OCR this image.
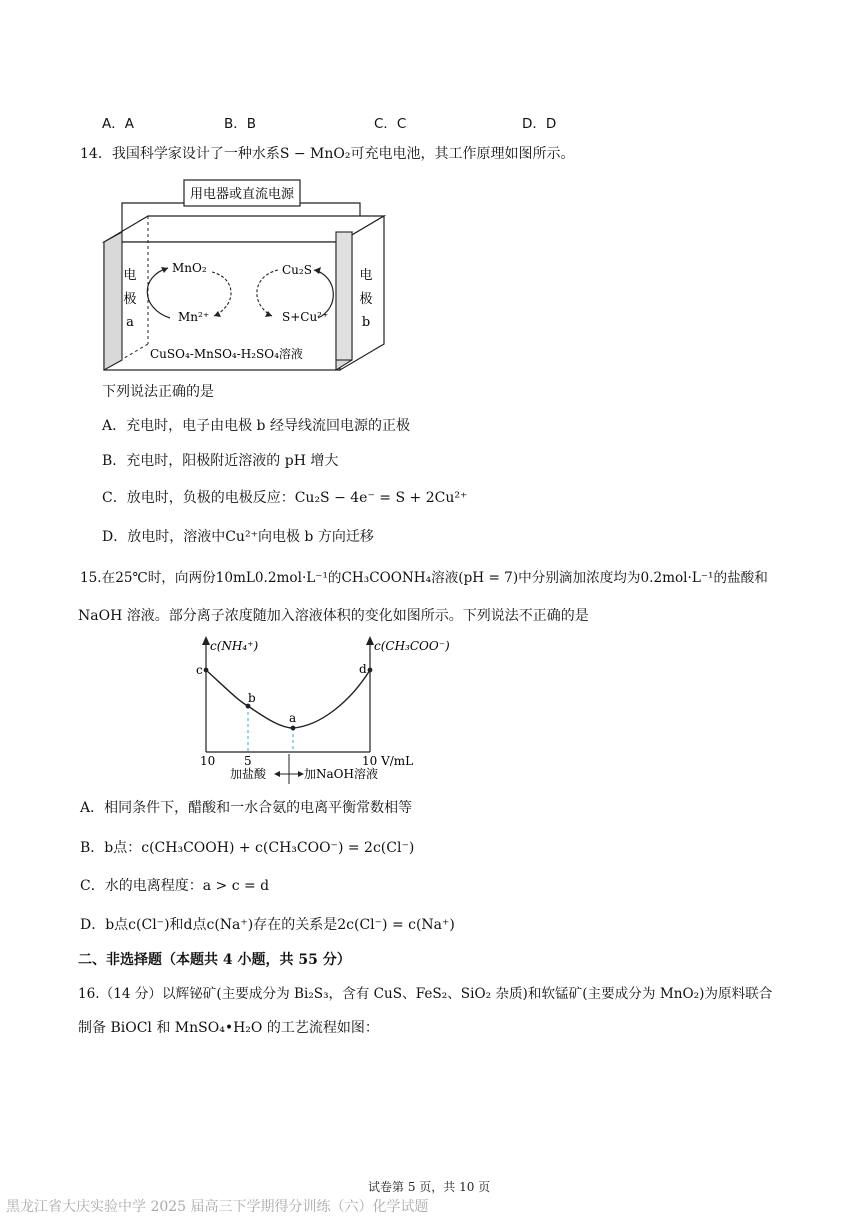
A．A	B．B	C．C	D．D
14．我国科学家设计了一种水系S − MnO₂可充电电池，其工作原理如图所示。
用电器或直流电源
电
极
a
电
极
b
MnO₂
Mn²⁺
Cu₂S
S+Cu²⁺
CuSO₄-MnSO₄-H₂SO₄溶液
下列说法正确的是
A．充电时，电子由电极 b 经导线流回电源的正极
B．充电时，阳极附近溶液的 pH 增大
C．放电时，负极的电极反应：Cu₂S − 4e⁻ = S + 2Cu²⁺
D．放电时，溶液中Cu²⁺向电极 b 方向迁移
15.在25℃时，向两份10mL0.2mol·L⁻¹的CH₃COONH₄溶液(pH = 7)中分别滴加浓度均为0.2mol·L⁻¹的盐酸和
NaOH 溶液。部分离子浓度随加入溶液体积的变化如图所示。下列说法不正确的是
c(NH₄⁺)	c(CH₃COO⁻)
c
b
a
d
10 5	10 V/mL
加盐酸	加NaOH溶液
A．相同条件下，醋酸和一水合氨的电离平衡常数相等
B．b点：c(CH₃COOH) + c(CH₃COO⁻) = 2c(Cl⁻)
C．水的电离程度：a > c = d
D．b点c(Cl⁻)和d点c(Na⁺)存在的关系是2c(Cl⁻) = c(Na⁺)
二、非选择题（本题共 4 小题，共 55 分）
16.（14 分）以辉铋矿(主要成分为 Bi₂S₃，含有 CuS、FeS₂、SiO₂ 杂质)和软锰矿(主要成分为 MnO₂)为原料联合
制备 BiOCl 和 MnSO₄•H₂O 的工艺流程如图：
试卷第 5 页，共 10 页
黑龙江省大庆实验中学 2025 届高三下学期得分训练（六）化学试题
